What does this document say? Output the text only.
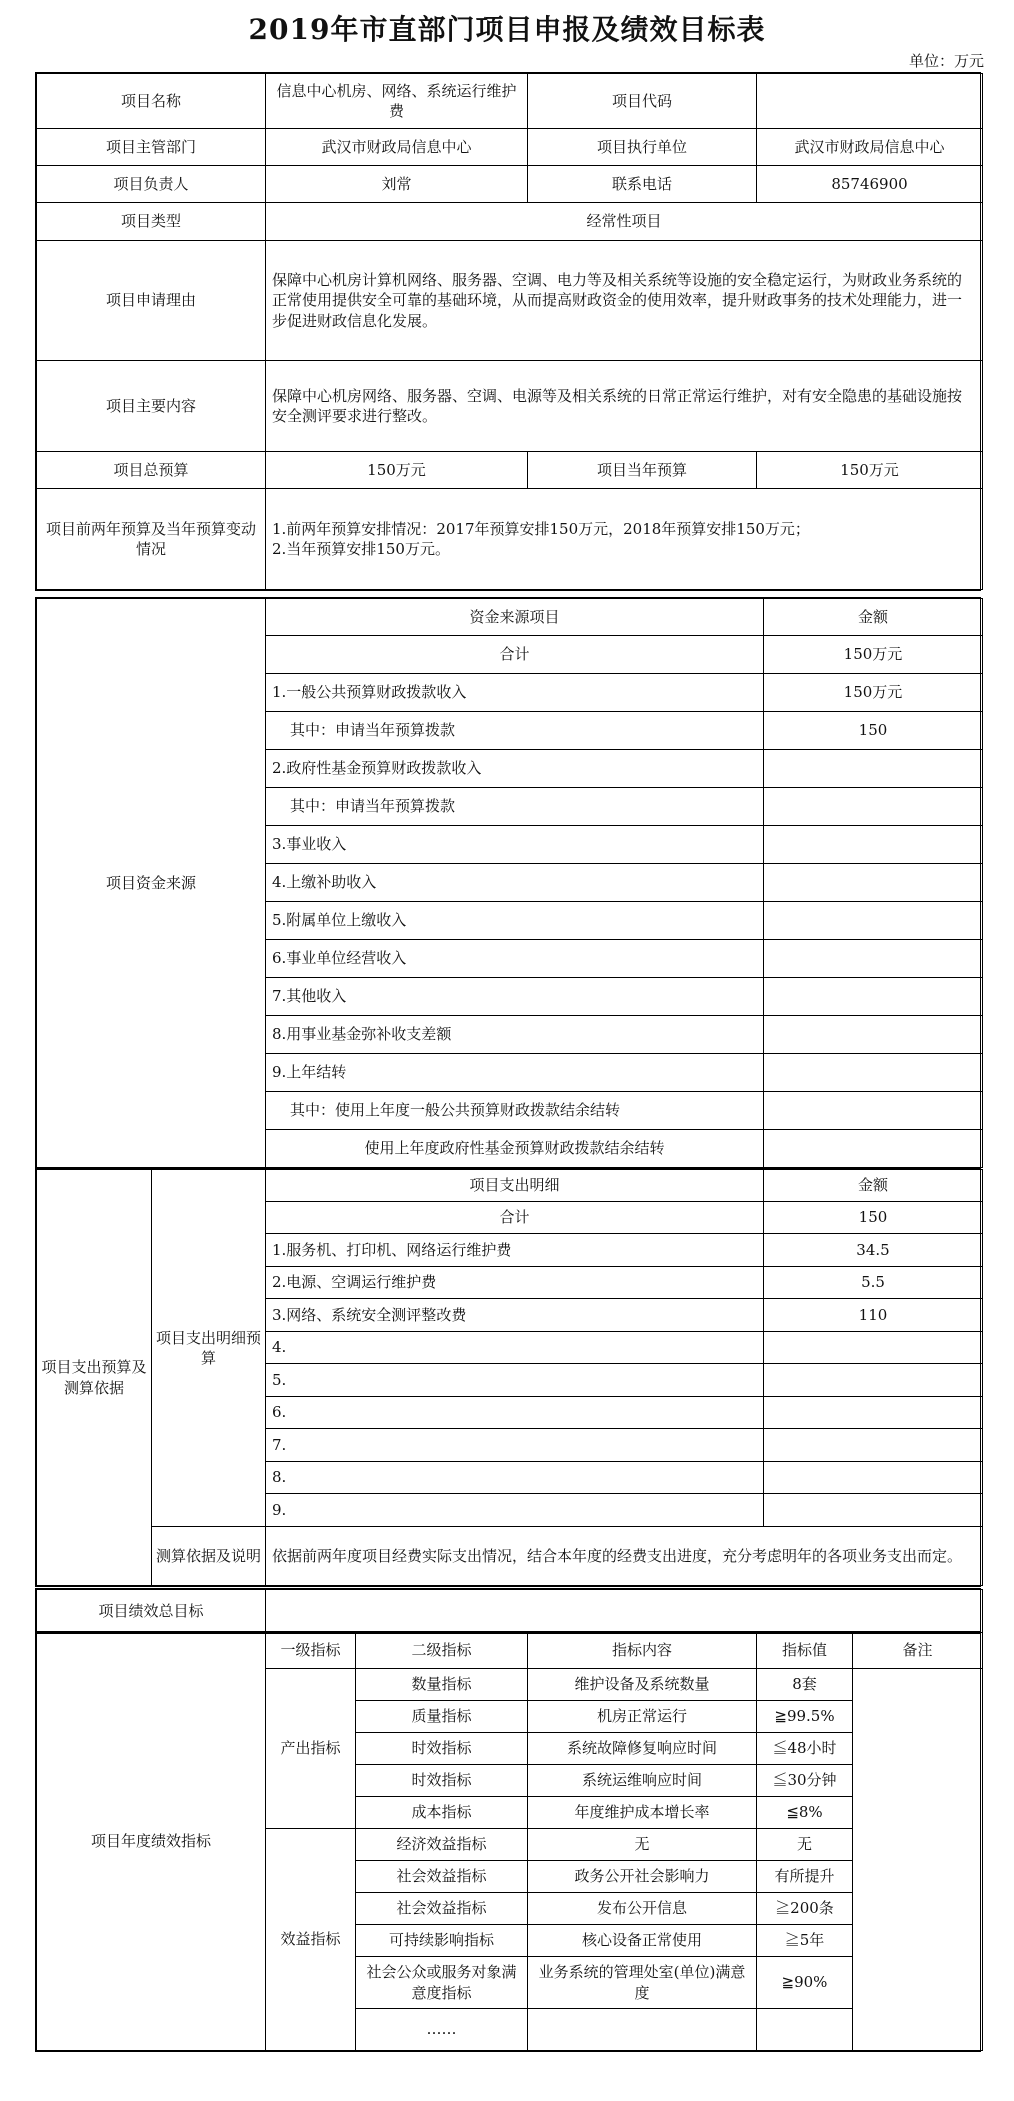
2019年市直部门项目申报及绩效目标表
单位：万元
项目名称	信息中心机房、网络、系统运行维护费	项目代码	
项目主管部门	武汉市财政局信息中心	项目执行单位	武汉市财政局信息中心
项目负责人	刘常	联系电话	85746900
项目类型	经常性项目		
项目申请理由	保障中心机房计算机网络、服务器、空调、电力等及相关系统等设施的安全稳定运行，为财政业务系统的正常使用提供安全可靠的基础环境，从而提高财政资金的使用效率，提升财政事务的技术处理能力，进一步促进财政信息化发展。		
项目主要内容	保障中心机房网络、服务器、空调、电源等及相关系统的日常正常运行维护，对有安全隐患的基础设施按安全测评要求进行整改。		
项目总预算	150万元	项目当年预算	150万元
项目前两年预算及当年预算变动情况	1.前两年预算安排情况：2017年预算安排150万元，2018年预算安排150万元；
2.当年预算安排150万元。		
项目资金来源	资金来源项目	金额
	合计	150万元
	1.一般公共预算财政拨款收入	150万元
	其中：申请当年预算拨款	150
	2.政府性基金预算财政拨款收入	
	其中：申请当年预算拨款	
	3.事业收入	
	4.上缴补助收入	
	5.附属单位上缴收入	
	6.事业单位经营收入	
	7.其他收入	
	8.用事业基金弥补收支差额	
	9.上年结转	
	其中：使用上年度一般公共预算财政拨款结余结转	
	使用上年度政府性基金预算财政拨款结余结转	
项目支出预算及测算依据	项目支出明细预算	项目支出明细	金额
		合计	150
		1.服务机、打印机、网络运行维护费	34.5
		2.电源、空调运行维护费	5.5
		3.网络、系统安全测评整改费	110
		4.	
		5.	
		6.	
		7.	
		8.	
		9.	
	测算依据及说明	依据前两年度项目经费实际支出情况，结合本年度的经费支出进度，充分考虑明年的各项业务支出而定。	
项目绩效总目标	
项目年度绩效指标	一级指标	二级指标	指标内容	指标值	备注
	产出指标	数量指标	维护设备及系统数量	8套	
		质量指标	机房正常运行	≧99.5%	
		时效指标	系统故障修复响应时间	≦48小时	
		时效指标	系统运维响应时间	≦30分钟	
		成本指标	年度维护成本增长率	≦8%	
	效益指标	经济效益指标	无	无	
		社会效益指标	政务公开社会影响力	有所提升	
		社会效益指标	发布公开信息	≧200条	
		可持续影响指标	核心设备正常使用	≧5年	
		社会公众或服务对象满意度指标	业务系统的管理处室(单位)满意度	≧90%	
		……			
